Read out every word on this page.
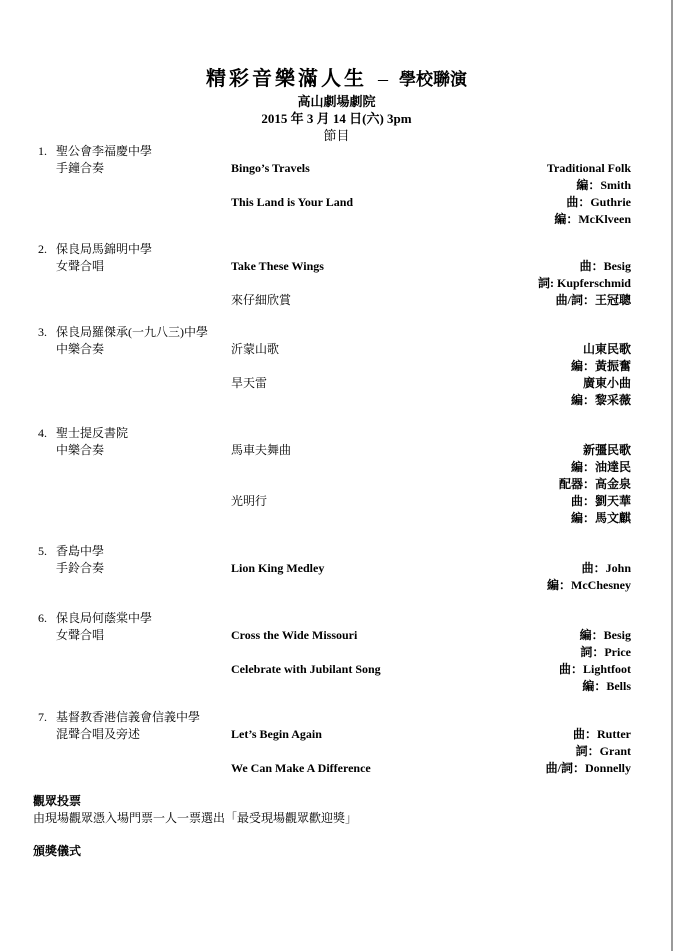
精彩音樂滿人生 – 學校聯演
高山劇場劇院
2015 年 3 月 14 日(六) 3pm
節目
1. 聖公會李福慶中學
手鐘合奏	Bingo’s Travels	Traditional Folk
編：Smith
This Land is Your Land	曲：Guthrie
編：McKlveen
2. 保良局馬錦明中學
女聲合唱	Take These Wings	曲：Besig
詞: Kupferschmid
來仔細欣賞	曲/詞：王冠聰
3. 保良局羅傑承(一九八三)中學
中樂合奏	沂蒙山歌	山東民歌
編：黃振奮
旱天雷	廣東小曲
編：黎采薇
4. 聖士提反書院
中樂合奏	馬車夫舞曲	新彊民歌
編：油達民
配器：高金泉
光明行	曲：劉天華
編：馬文麒
5. 香島中學
手鈴合奏	Lion King Medley	曲：John
編：McChesney
6. 保良局何蔭棠中學
女聲合唱	Cross the Wide Missouri	編：Besig
詞：Price
Celebrate with Jubilant Song	曲：Lightfoot
編：Bells
7. 基督教香港信義會信義中學
混聲合唱及旁述	Let’s Begin Again	曲：Rutter
詞：Grant
We Can Make A Difference	曲/詞：Donnelly
觀眾投票
由現場觀眾憑入場門票一人一票選出「最受現場觀眾歡迎獎」
頒獎儀式
